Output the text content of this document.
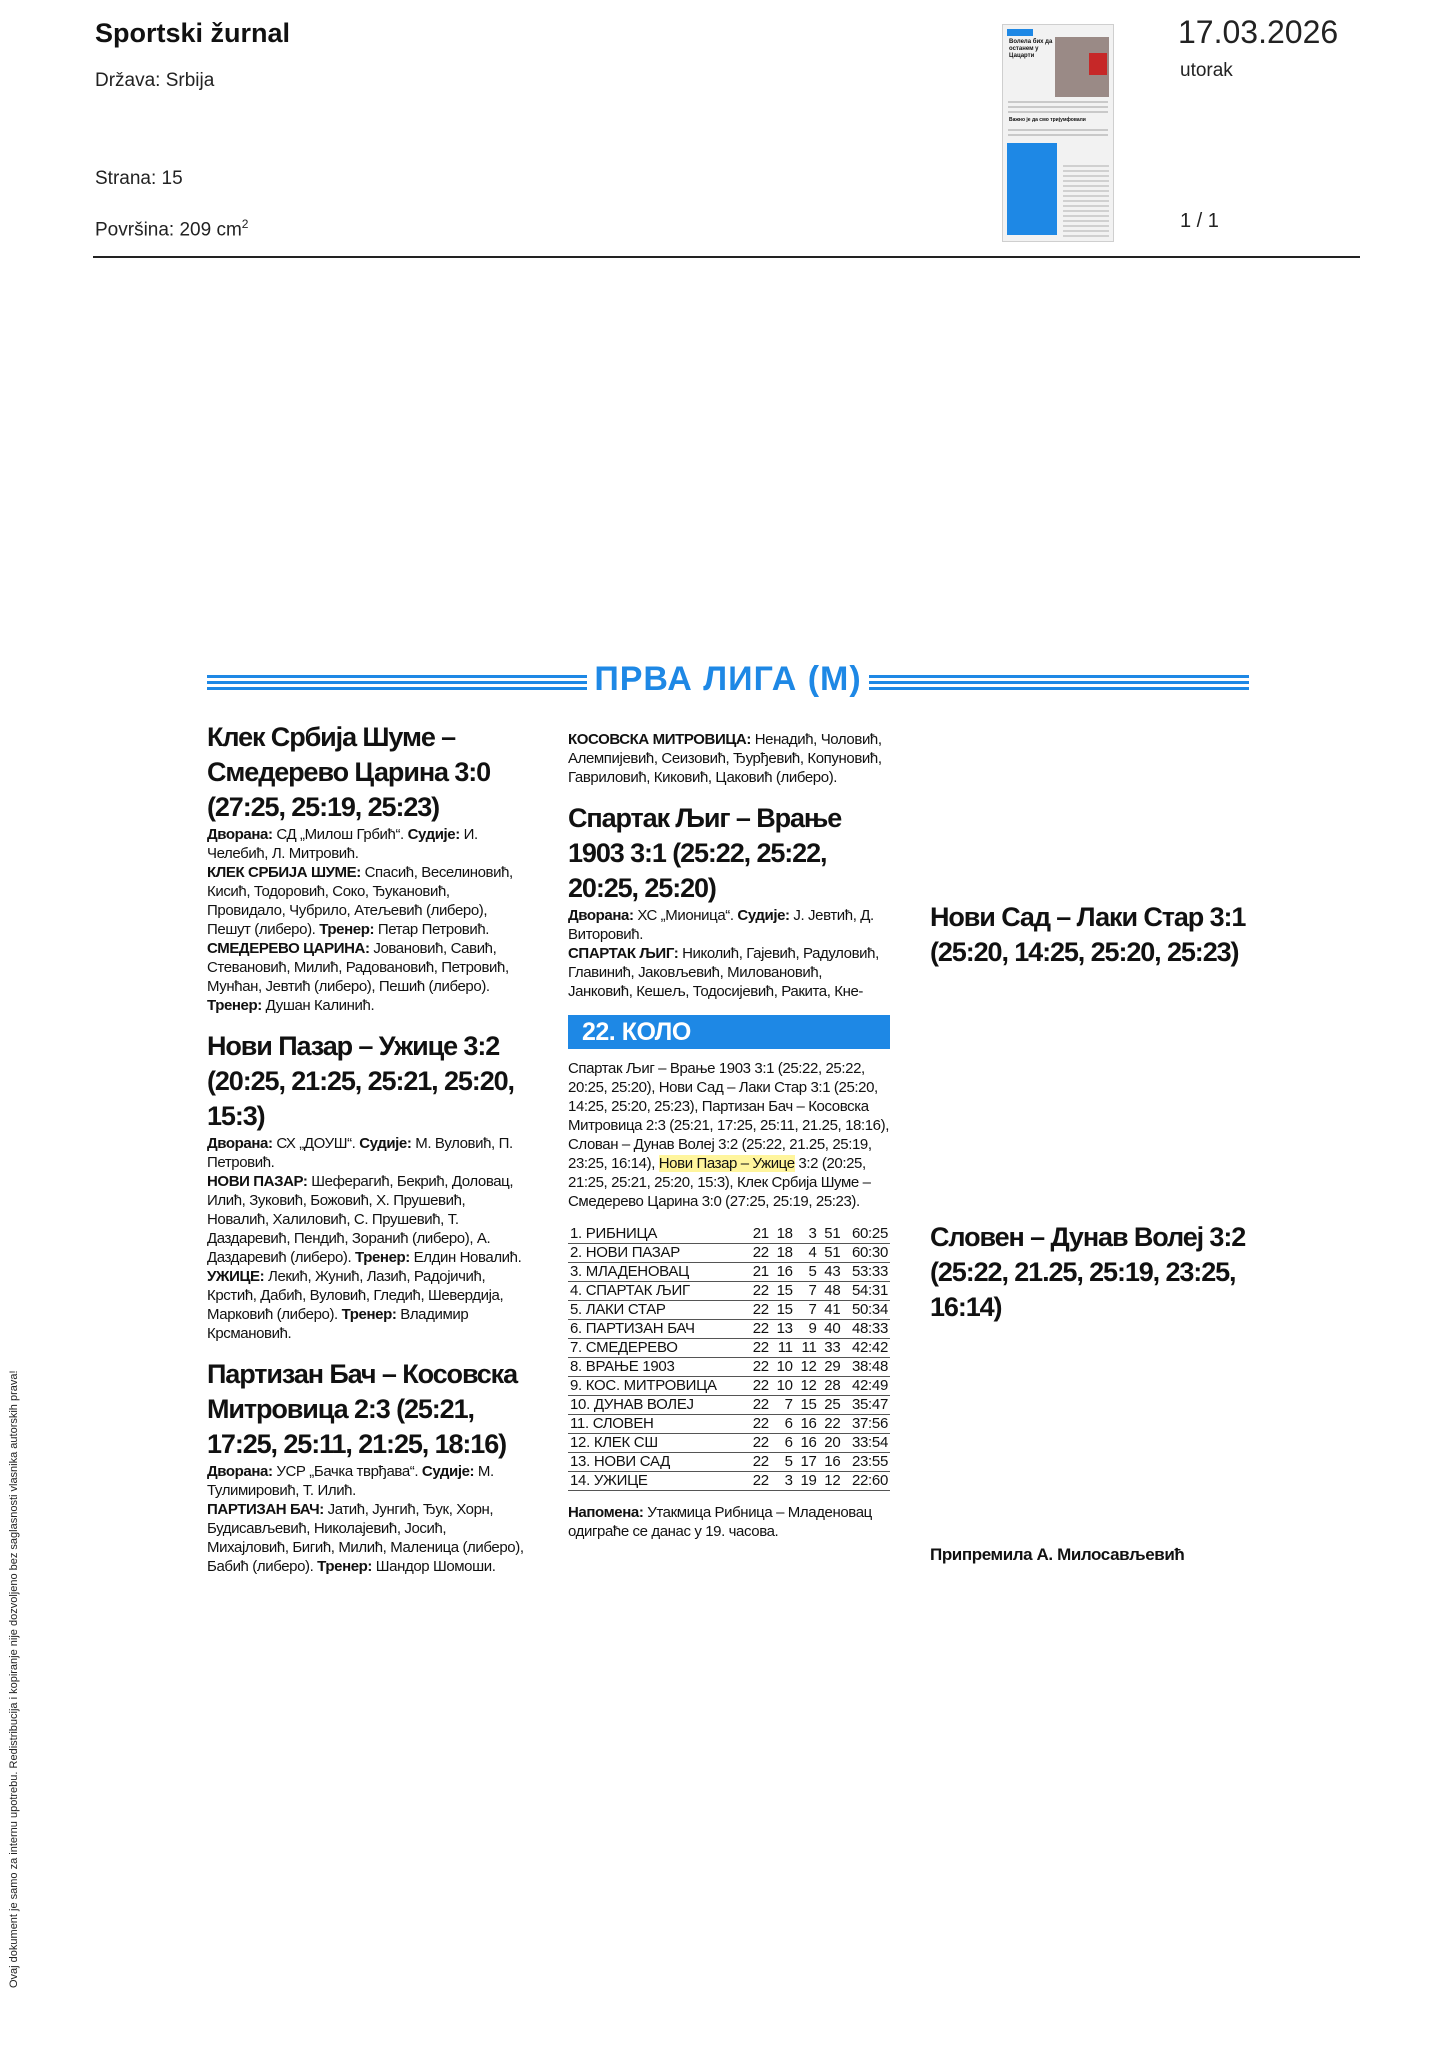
Sportski žurnal
Država: Srbija
Strana: 15
Površina: 209 $cm^2$
17.03.2026
utorak
1 / 1
Волела бих да останем у Цацарти
Важно је да смо тријумфовали
Ovaj dokument je samo za internu upotrebu. Redistribucija i kopiranje nije dozvoljeno bez saglasnosti vlasnika autorskih prava!
ПРВА ЛИГА (М)

Клек Србија Шуме – Смедерево Царина 3:0 (27:25, 25:19, 25:23)

Дворана: СД „Милош Грбић“. Судије: И. Челебић, Л. Митровић.

КЛЕК СРБИЈА ШУМЕ: Спасић, Веселиновић, Кисић, Тодоровић, Соко, Ђукановић, Провидало, Чубрило, Атељевић (либеро), Пешут (либеро). Тренер: Петар Петровић.

СМЕДЕРЕВО ЦАРИНА: Јовановић, Савић, Стевановић, Милић, Радовановић, Петровић, Мунћан, Јевтић (либеро), Пешић (либеро). Тренер: Душан Калинић.

Нови Пазар – Ужице 3:2 (20:25, 21:25, 25:21, 25:20, 15:3)

Дворана: СХ „ДОУШ“. Судије: М. Вуловић, П. Петровић.

НОВИ ПАЗАР: Шеферагић, Бекрић, Доловац, Илић, Зуковић, Божовић, Х. Прушевић, Новалић, Халиловић, С. Прушевић, Т. Даздаревић, Пендић, Зоранић (либеро), А. Даздаревић (либеро). Тренер: Елдин Новалић.

УЖИЦЕ: Лекић, Жунић, Лазић, Радојичић, Крстић, Дабић, Вуловић, Гледић, Шевердија, Марковић (либеро). Тренер: Владимир Крсмановић.

Партизан Бач – Косовска Митровица 2:3 (25:21, 17:25, 25:11, 21:25, 18:16)

Дворана: УСР „Бачка тврђава“. Судије: М. Тулимировић, Т. Илић.

ПАРТИЗАН БАЧ: Јатић, Јунгић, Ђук, Хорн, Будисављевић, Николајевић, Јосић, Михајловић, Бигић, Милић, Маленица (либеро), Бабић (либеро). Тренер: Шандор Шомоши.

КОСОВСКА МИТРОВИЦА: Ненадић, Чоловић, Алемпијевић, Сеизовић, Ђурђевић, Копуновић, Гавриловић, Киковић, Цаковић (либеро).

Спартак Љиг – Врање 1903 3:1 (25:22, 25:22, 20:25, 25:20)

Дворана: ХС „Мионица“. Судије: Ј. Јевтић, Д. Виторовић.

СПАРТАК ЉИГ: Николић, Гајевић, Радуловић, Главинић, Јаковљевић, Миловановић, Јанковић, Кешељ, Тодосијевић, Ракита, Кне-

22. КОЛО

Спартак Љиг – Врање 1903 3:1 (25:22, 25:22, 20:25, 25:20), Нови Сад – Лаки Стар 3:1 (25:20, 14:25, 25:20, 25:23), Партизан Бач – Косовска Митровица 2:3 (25:21, 17:25, 25:11, 21.25, 18:16), Слован – Дунав Волеј 3:2 (25:22, 21.25, 25:19, 23:25, 16:14), Нови Пазар – Ужице 3:2 (20:25, 21:25, 25:21, 25:20, 15:3), Клек Србија Шуме – Смедерево Царина 3:0 (27:25, 25:19, 25:23).

1. РИБНИЦА	21	18	3	51	60:25
2. НОВИ ПАЗАР	22	18	4	51	60:30
3. МЛАДЕНОВАЦ	21	16	5	43	53:33
4. СПАРТАК ЉИГ	22	15	7	48	54:31
5. ЛАКИ СТАР	22	15	7	41	50:34
6. ПАРТИЗАН БАЧ	22	13	9	40	48:33
7. СМЕДЕРЕВО	22	11	11	33	42:42
8. ВРАЊЕ 1903	22	10	12	29	38:48
9. КОС. МИТРОВИЦА	22	10	12	28	42:49
10. ДУНАВ ВОЛЕЈ	22	7	15	25	35:47
11. СЛОВЕН	22	6	16	22	37:56
12. КЛЕК СШ	22	6	16	20	33:54
13. НОВИ САД	22	5	17	16	23:55
14. УЖИЦЕ	22	3	19	12	22:60

Напомена: Утакмица Рибница – Младеновац одиграће се данас у 19. часова.

Нови Сад – Лаки Стар 3:1 (25:20, 14:25, 25:20, 25:23)

Словен – Дунав Волеј 3:2 (25:22, 21.25, 25:19, 23:25, 16:14)

Припремила А. Милосављевић
